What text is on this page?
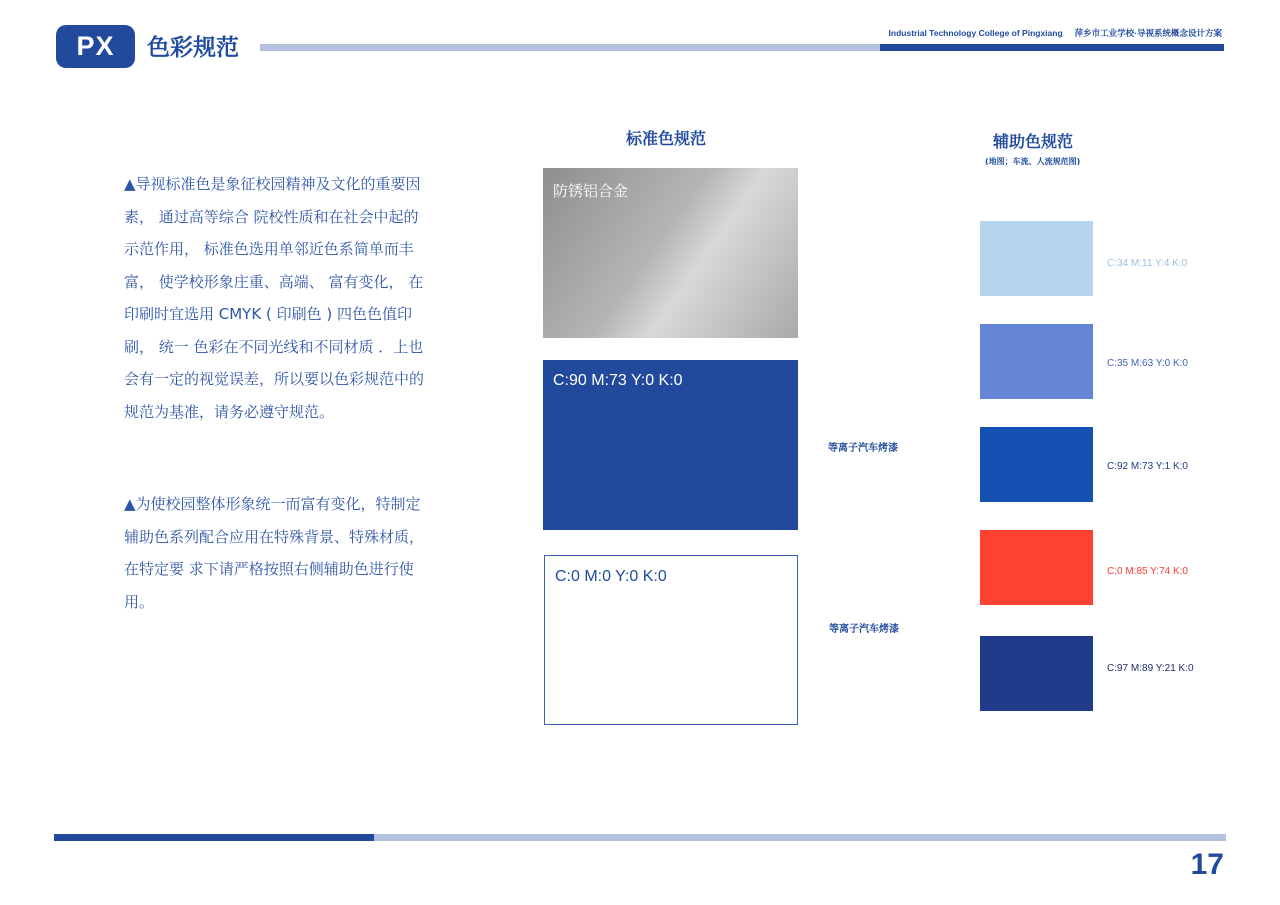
PX	色彩规范
Industrial Technology College of Pingxiang 萍乡市工业学校·导视系统概念设计方案

▲导视标准色是象征校园精神及文化的重要因素， 通过高等综合 院校性质和在社会中起的示范作用， 标准色选用单邻近色系简单而丰富， 使学校形象庄重、高端、 富有变化， 在印刷时宜选用 CMYK ( 印刷色 ) 四色色值印刷， 统一 色彩在不同光线和不同材质 ．上也会有一定的视觉误差，所以要以色彩规范中的规范为基准，请务必遵守规范。

▲为使校园整体形象统一而富有变化，特制定辅助色系列配合应用在特殊背景、特殊材质， 在特定要 求下请严格按照右侧辅助色进行使用。

标准色规范
防锈铝合金
C:90 M:73 Y:0 K:0
C:0 M:0 Y:0 K:0
等离子汽车烤漆
等离子汽车烤漆
辅助色规范
(地图；车流、人流规范图)
C:34 M:11 Y:4 K:0
C:35 M:63 Y:0 K:0
C:92 M:73 Y:1 K:0
C:0 M:85 Y:74 K:0
C:97 M:89 Y:21 K:0
17
